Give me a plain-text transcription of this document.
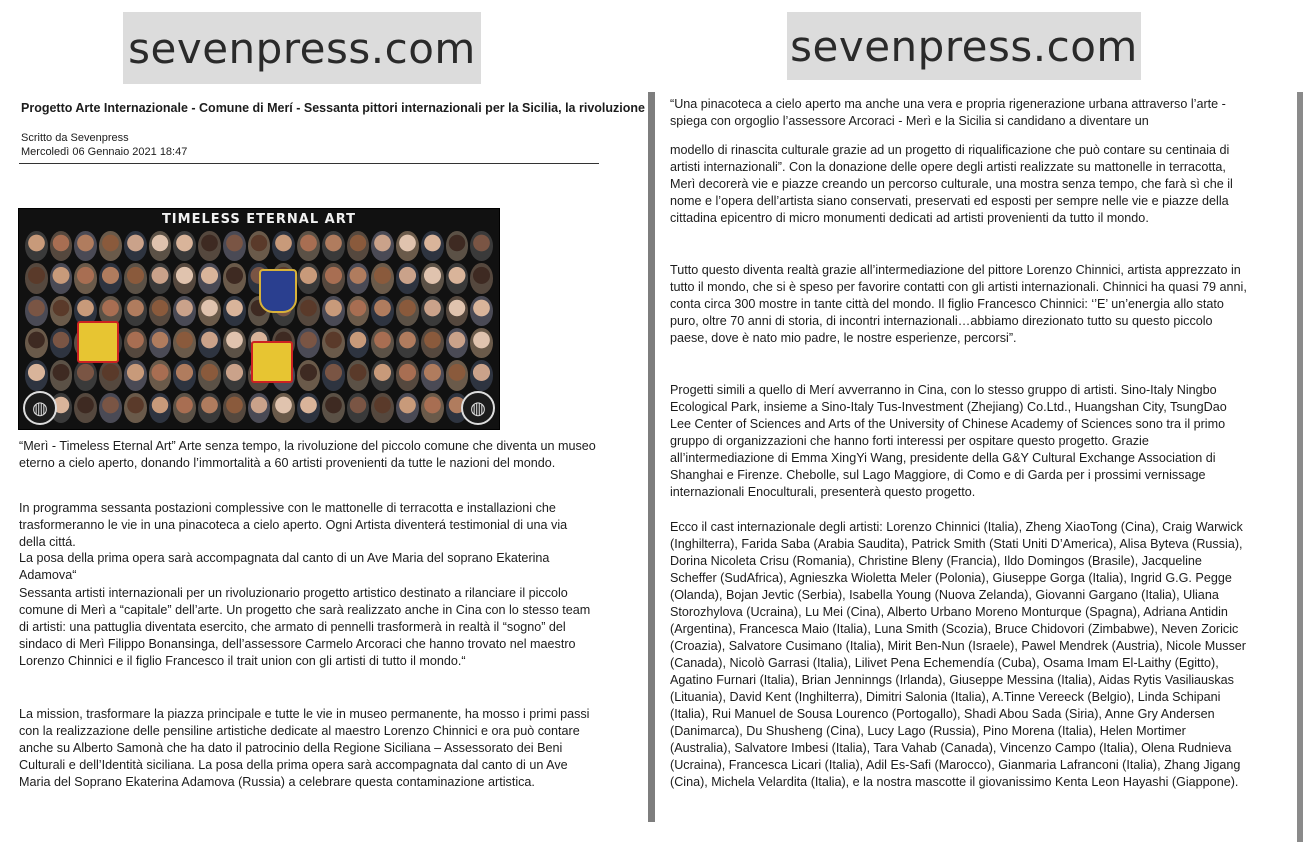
sevenpress.com	sevenpress.com
Progetto Arte Internazionale - Comune di Merí - Sessanta pittori internazionali per la Sicilia, la rivoluzione
Scritto da Sevenpress
Mercoledì 06 Gennaio 2021 18:47
TIMELESS ETERNAL ART
◍	◍
“Merì - Timeless Eternal Art” Arte senza tempo, la rivoluzione del piccolo comune che diventa un museo eterno a cielo aperto, donando l’immortalità a 60 artisti provenienti da tutte le nazioni del mondo.
In programma sessanta postazioni complessive con le mattonelle di terracotta e installazioni che trasformeranno le vie in una pinacoteca a cielo aperto. Ogni Artista diventerá testimonial di una via della cittá.
La posa della prima opera sarà accompagnata dal canto di un Ave Maria del soprano Ekaterina Adamova“
Sessanta artisti internazionali per un rivoluzionario progetto artistico destinato a rilanciare il piccolo comune di Merì a “capitale” dell’arte. Un progetto che sarà realizzato anche in Cina con lo stesso team di artisti: una pattuglia diventata esercito, che armato di pennelli trasformerà in realtà il “sogno” del sindaco di Merì Filippo Bonansinga, dell’assessore Carmelo Arcoraci che hanno trovato nel maestro Lorenzo Chinnici e il figlio Francesco il trait union con gli artisti di tutto il mondo.“
La mission, trasformare la piazza principale e tutte le vie in museo permanente, ha mosso i primi passi con la realizzazione delle pensiline artistiche dedicate al maestro Lorenzo Chinnici e ora può contare anche su Alberto Samonà che ha dato il patrocinio della Regione Siciliana – Assessorato dei Beni Culturali e dell’Identità siciliana. La posa della prima opera sarà accompagnata dal canto di un Ave Maria del Soprano Ekaterina Adamova (Russia) a celebrare questa contaminazione artistica.
“Una pinacoteca a cielo aperto ma anche una vera e propria rigenerazione urbana attraverso l’arte - spiega con orgoglio l’assessore Arcoraci - Merì e la Sicilia si candidano a diventare un
modello di rinascita culturale grazie ad un progetto di riqualificazione che può contare su centinaia di artisti internazionali”. Con la donazione delle opere degli artisti realizzate su mattonelle in terracotta, Merì decorerà vie e piazze creando un percorso culturale, una mostra senza tempo, che farà sì che il nome e l’opera dell’artista siano conservati, preservati ed esposti per sempre nelle vie e piazze della cittadina epicentro di micro monumenti dedicati ad artisti provenienti da tutto il mondo.
Tutto questo diventa realtà grazie all’intermediazione del pittore Lorenzo Chinnici, artista apprezzato in tutto il mondo, che si è speso per favorire contatti con gli artisti internazionali. Chinnici ha quasi 79 anni, conta circa 300 mostre in tante città del mondo. Il figlio Francesco Chinnici: ‘’E’ un’energia allo stato puro, oltre 70 anni di storia, di incontri internazionali…abbiamo direzionato tutto su questo piccolo paese, dove è nato mio padre, le nostre esperienze, percorsi”.
Progetti simili a quello di Merí avverranno in Cina, con lo stesso gruppo di artisti. Sino-Italy Ningbo Ecological Park, insieme a Sino-Italy Tus-Investment (Zhejiang) Co.Ltd., Huangshan City, TsungDao Lee Center of Sciences and Arts of the University of Chinese Academy of Sciences sono tra il primo gruppo di organizzazioni che hanno forti interessi per ospitare questo progetto. Grazie all’intermediazione di Emma XingYi Wang, presidente della G&Y Cultural Exchange Association di Shanghai e Firenze. Chebolle, sul Lago Maggiore, di Como e di Garda per i prossimi vernissage internazionali Enoculturali, presenterà questo progetto.
Ecco il cast internazionale degli artisti: Lorenzo Chinnici (Italia), Zheng XiaoTong (Cina), Craig Warwick (Inghilterra), Farida Saba (Arabia Saudita), Patrick Smith (Stati Uniti D’America), Alisa Byteva (Russia), Dorina Nicoleta Crisu (Romania), Christine Bleny (Francia), Ildo Domingos (Brasile), Jacqueline Scheffer (SudAfrica), Agnieszka Wioletta Meler (Polonia), Giuseppe Gorga (Italia), Ingrid G.G. Pegge (Olanda), Bojan Jevtic (Serbia), Isabella Young (Nuova Zelanda), Giovanni Gargano (Italia), Uliana Storozhylova (Ucraina), Lu Mei (Cina), Alberto Urbano Moreno Monturque (Spagna), Adriana Antidin (Argentina), Francesca Maio (Italia), Luna Smith (Scozia), Bruce Chidovori (Zimbabwe), Neven Zoricic (Croazia), Salvatore Cusimano (Italia), Mirit Ben-Nun (Israele), Pawel Mendrek (Austria), Nicole Musser (Canada), Nicolò Garrasi (Italia), Lilivet Pena Echemendía (Cuba), Osama Imam El-Laithy (Egitto), Agatino Furnari (Italia), Brian Jenninngs (Irlanda), Giuseppe Messina (Italia), Aidas Rytis Vasiliauskas (Lituania), David Kent (Inghilterra), Dimitri Salonia (Italia), A.Tinne Vereeck (Belgio), Linda Schipani (Italia), Rui Manuel de Sousa Lourenco (Portogallo), Shadi Abou Sada (Siria), Anne Gry Andersen (Danimarca), Du Shusheng (Cina), Lucy Lago (Russia), Pino Morena (Italia), Helen Mortimer (Australia), Salvatore Imbesi (Italia), Tara Vahab (Canada), Vincenzo Campo (Italia), Olena Rudnieva (Ucraina), Francesca Licari (Italia), Adil Es-Safi (Marocco), Gianmaria Lafranconi (Italia), Zhang Jigang (Cina), Michela Velardita (Italia), e la nostra mascotte il giovanissimo Kenta Leon Hayashi (Giappone).
